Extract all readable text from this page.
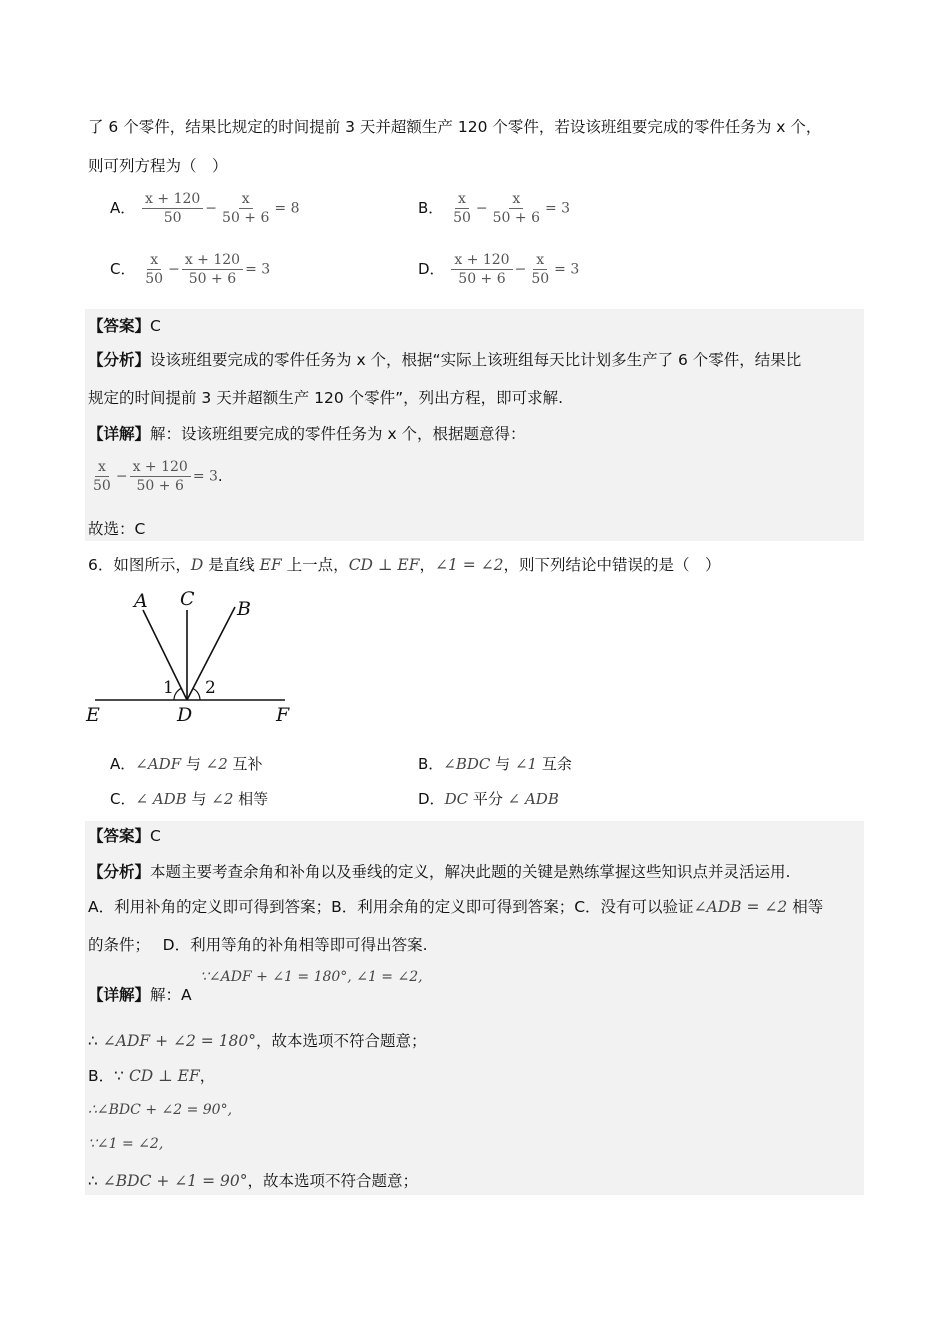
了 6 个零件，结果比规定的时间提前 3 天并超额生产 120 个零件，若设该班组要完成的零件任务为 x 个，
则可列方程为（　）
A． $\frac{x + 120}{50} - \frac{x}{50 + 6} = 8$	B． $\frac{x}{50} - \frac{x}{50 + 6} = 3$
C． $\frac{x}{50} - \frac{x + 120}{50 + 6} = 3$	D． $\frac{x + 120}{50 + 6} - \frac{x}{50} = 3$
【答案】C
【分析】设该班组要完成的零件任务为 x 个，根据“实际上该班组每天比计划多生产了 6 个零件，结果比
规定的时间提前 3 天并超额生产 120 个零件”，列出方程，即可求解.
【详解】解：设该班组要完成的零件任务为 x 个，根据题意得：
$\frac{x}{50} - \frac{x + 120}{50 + 6} = 3$.
故选：C
6．如图所示，D 是直线 EF 上一点，CD ⊥ EF，∠1 = ∠2，则下列结论中错误的是（　）
A C B
1 2
E	D	F
A．∠ADF 与 ∠2 互补	B．∠BDC 与 ∠1 互余
C．∠ ADB 与 ∠2 相等	D．DC 平分 ∠ ADB
【答案】C
【分析】本题主要考查余角和补角以及垂线的定义，解决此题的关键是熟练掌握这些知识点并灵活运用.
A．利用补角的定义即可得到答案；B．利用余角的定义即可得到答案；C．没有可以验证∠ADB = ∠2 相等
的条件；　 D．利用等角的补角相等即可得出答案.
∵∠ADF + ∠1 = 180°, ∠1 = ∠2,
【详解】解：A
∴ ∠ADF + ∠2 = 180°，故本选项不符合题意；
B．∵ CD ⊥ EF，
∴∠BDC + ∠2 = 90°,
∵∠1 = ∠2,
∴ ∠BDC + ∠1 = 90°，故本选项不符合题意；
